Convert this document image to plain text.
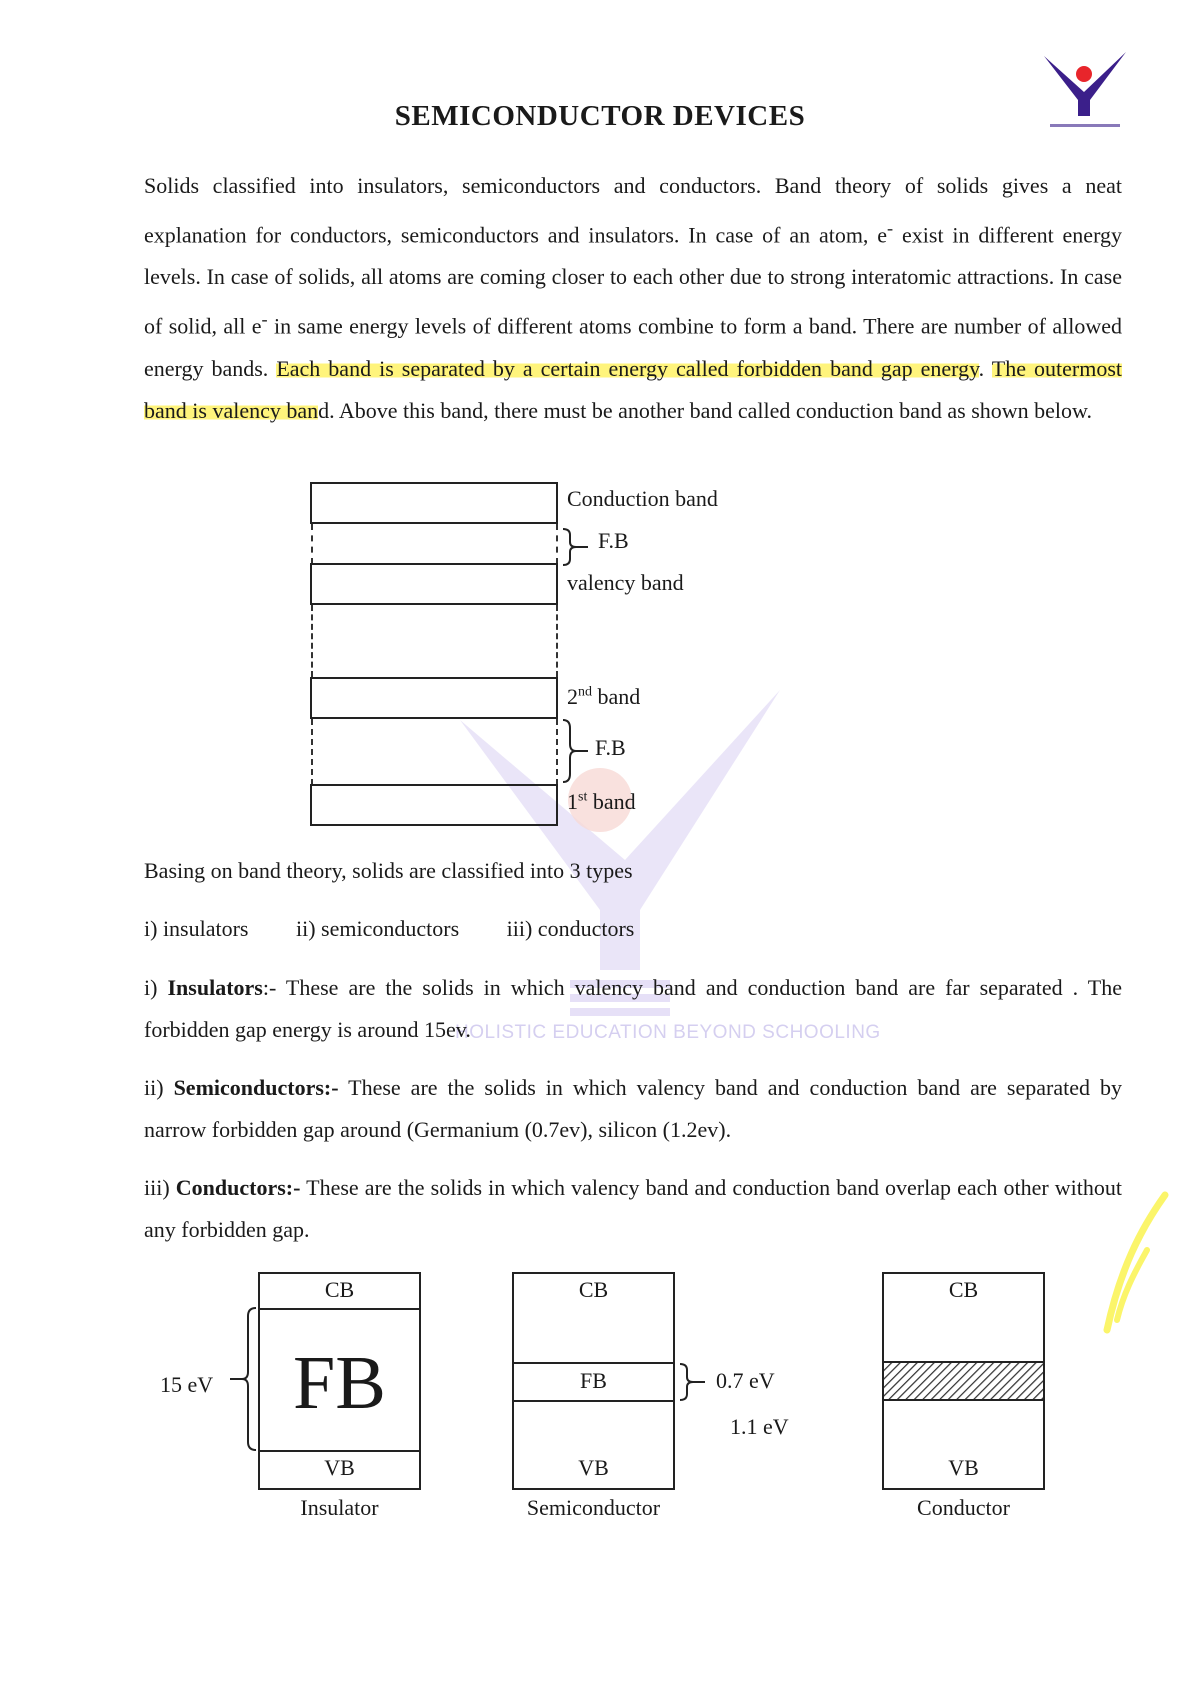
HOLISTIC EDUCATION BEYOND SCHOOLING
SEMICONDUCTOR DEVICES

Solids classified into insulators, semiconductors and conductors. Band theory of solids gives a neat explanation for conductors, semiconductors and insulators. In case of an atom, e- exist in different energy levels. In case of solids, all atoms are coming closer to each other due to strong interatomic attractions. In case of solid, all e- in same energy levels of different atoms combine to form a band. There are number of allowed energy bands. Each band is separated by a certain energy called forbidden band gap energy. The outermost band is valency band. Above this band, there must be another band called conduction band as shown below.

Conduction band
F.B
valency band
2nd band
F.B
1st band
Basing on band theory, solids are classified into 3 types
i) insulators ii) semiconductors iii) conductors

i) Insulators:- These are the solids in which valency band and conduction band are far separated . The forbidden gap energy is around 15ev.

ii) Semiconductors:- These are the solids in which valency band and conduction band are separated by narrow forbidden gap around (Germanium (0.7ev), silicon (1.2ev).

iii) Conductors:- These are the solids in which valency band and conduction band overlap each other without any forbidden gap.

CB
FB
VB
15 eV
Insulator
CB
FB
VB
0.7 eV
1.1 eV
Semiconductor
CB
VB
Conductor
